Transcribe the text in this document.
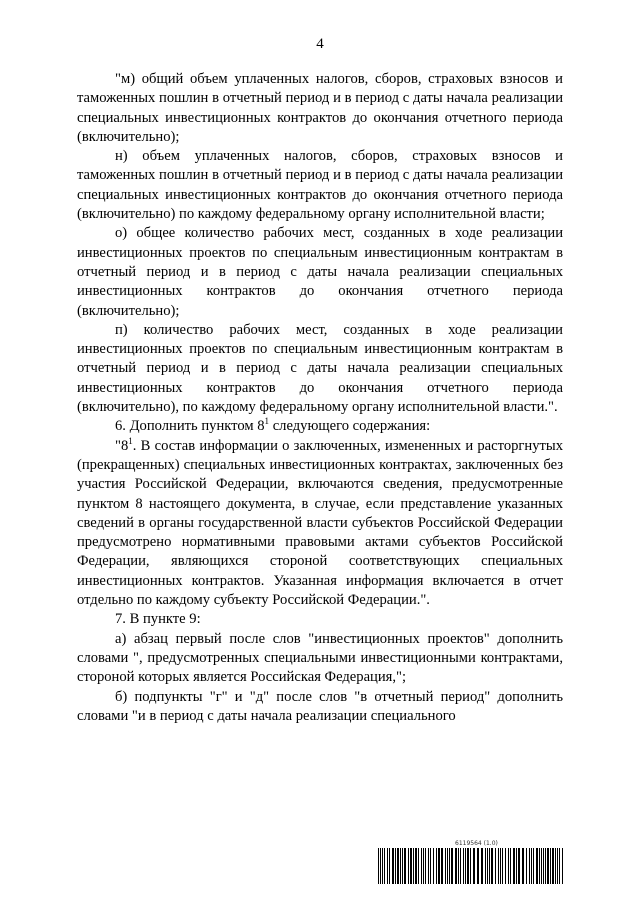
4

"м) общий объем уплаченных налогов, сборов, страховых взносов и таможенных пошлин в отчетный период и в период с даты начала реализации специальных инвестиционных контрактов до окончания отчетного периода (включительно);

н) объем уплаченных налогов, сборов, страховых взносов и таможенных пошлин в отчетный период и в период с даты начала реализации специальных инвестиционных контрактов до окончания отчетного периода (включительно) по каждому федеральному органу исполнительной власти;

о) общее количество рабочих мест, созданных в ходе реализации инвестиционных проектов по специальным инвестиционным контрактам в отчетный период и в период с даты начала реализации специальных инвестиционных контрактов до окончания отчетного периода (включительно);

п) количество рабочих мест, созданных в ходе реализации инвестиционных проектов по специальным инвестиционным контрактам в отчетный период и в период с даты начала реализации специальных инвестиционных контрактов до окончания отчетного периода (включительно), по каждому федеральному органу исполнительной власти.".

6. Дополнить пунктом $8^1$ следующего содержания:

"$8^1$. В состав информации о заключенных, измененных и расторгнутых (прекращенных) специальных инвестиционных контрактах, заключенных без участия Российской Федерации, включаются сведения, предусмотренные пунктом 8 настоящего документа, в случае, если представление указанных сведений в органы государственной власти субъектов Российской Федерации предусмотрено нормативными правовыми актами субъектов Российской Федерации, являющихся стороной соответствующих специальных инвестиционных контрактов. Указанная информация включается в отчет отдельно по каждому субъекту Российской Федерации.".

7. В пункте 9:

а) абзац первый после слов "инвестиционных проектов" дополнить словами ", предусмотренных специальными инвестиционными контрактами, стороной которых является Российская Федерация,";

б) подпункты "г" и "д" после слов "в отчетный период" дополнить словами "и в период с даты начала реализации специального

6119564 (1.0)
